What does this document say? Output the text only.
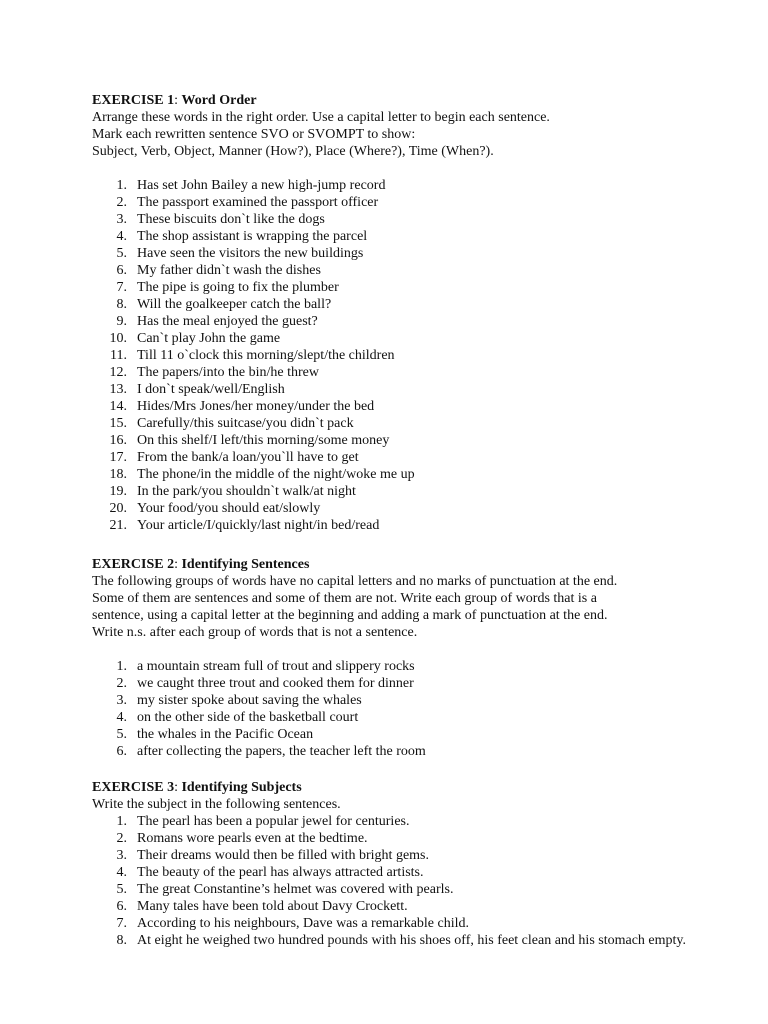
EXERCISE 1: Word Order

Arrange these words in the right order. Use a capital letter to begin each sentence.

Mark each rewritten sentence SVO or SVOMPT to show:

Subject, Verb, Object, Manner (How?), Place (Where?), Time (When?).

1. Has set John Bailey a new high-jump record
2. The passport examined the passport officer
3. These biscuits don`t like the dogs
4. The shop assistant is wrapping the parcel
5. Have seen the visitors the new buildings
6. My father didn`t wash the dishes
7. The pipe is going to fix the plumber
8. Will the goalkeeper catch the ball?
9. Has the meal enjoyed the guest?
10. Can`t play John the game
11. Till 11 o`clock this morning/slept/the children
12. The papers/into the bin/he threw
13. I don`t speak/well/English
14. Hides/Mrs Jones/her money/under the bed
15. Carefully/this suitcase/you didn`t pack
16. On this shelf/I left/this morning/some money
17. From the bank/a loan/you`ll have to get
18. The phone/in the middle of the night/woke me up
19. In the park/you shouldn`t walk/at night
20. Your food/you should eat/slowly
21. Your article/I/quickly/last night/in bed/read

EXERCISE 2: Identifying Sentences

The following groups of words have no capital letters and no marks of punctuation at the end.

Some of them are sentences and some of them are not. Write each group of words that is a

sentence, using a capital letter at the beginning and adding a mark of punctuation at the end.

Write n.s. after each group of words that is not a sentence.

1. a mountain stream full of trout and slippery rocks
2. we caught three trout and cooked them for dinner
3. my sister spoke about saving the whales
4. on the other side of the basketball court
5. the whales in the Pacific Ocean
6. after collecting the papers, the teacher left the room

EXERCISE 3: Identifying Subjects

Write the subject in the following sentences.

1. The pearl has been a popular jewel for centuries.
2. Romans wore pearls even at the bedtime.
3. Their dreams would then be filled with bright gems.
4. The beauty of the pearl has always attracted artists.
5. The great Constantine’s helmet was covered with pearls.
6. Many tales have been told about Davy Crockett.
7. According to his neighbours, Dave was a remarkable child.
8. At eight he weighed two hundred pounds with his shoes off, his feet clean and his stomach empty.
